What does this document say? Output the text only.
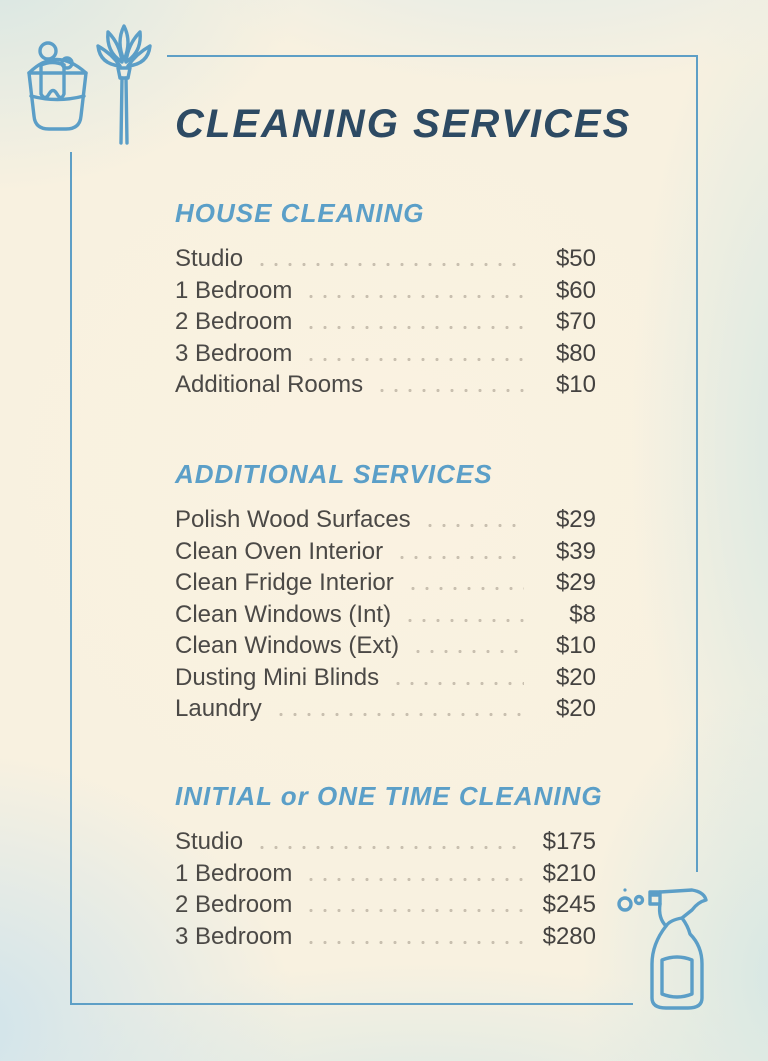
CLEANING SERVICES
HOUSE CLEANING
Studio	$50
1 Bedroom	$60
2 Bedroom	$70
3 Bedroom	$80
Additional Rooms	$10
ADDITIONAL SERVICES
Polish Wood Surfaces	$29
Clean Oven Interior	$39
Clean Fridge Interior	$29
Clean Windows (Int)	$8
Clean Windows (Ext)	$10
Dusting Mini Blinds	$20
Laundry	$20
INITIAL or ONE TIME CLEANING
Studio	$175
1 Bedroom	$210
2 Bedroom	$245
3 Bedroom	$280
